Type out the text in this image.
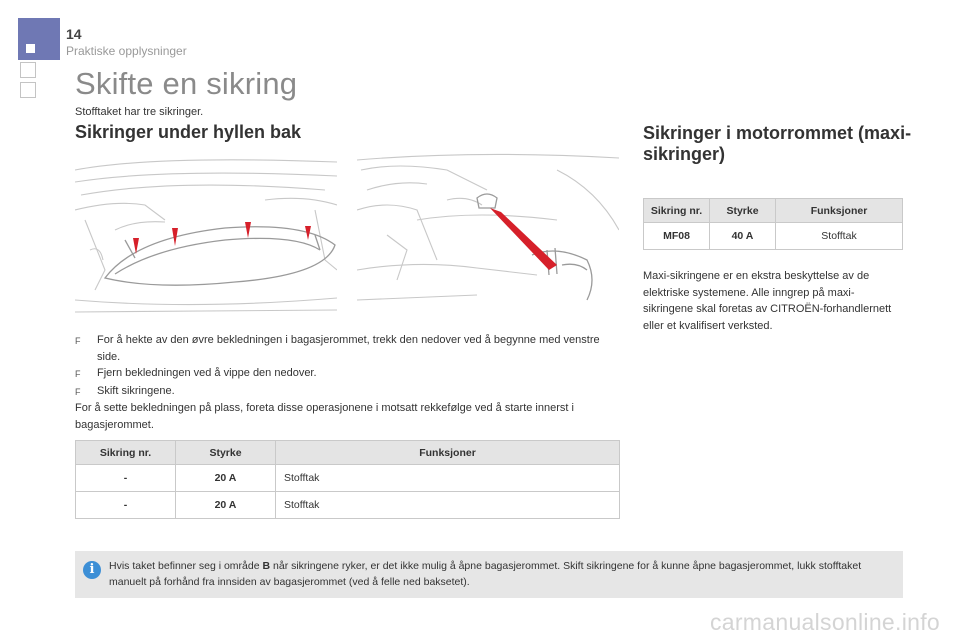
14
Praktiske opplysninger
Skifte en sikring

Stofftaket har tre sikringer.

Sikringer under hyllen bak	Sikringer i motorrommet (maxi-sikringer)
F	For å hekte av den øvre bekledningen i bagasjerommet, trekk den nedover ved å begynne med venstre side.
F	Fjern bekledningen ved å vippe den nedover.
F	Skift sikringene.
For å sette bekledningen på plass, foreta disse operasjonene i motsatt rekkefølge ved å starte innerst i bagasjerommet.
Sikring nr.	Styrke	Funksjoner
-	20 A	Stofftak
-	20 A	Stofftak
Sikring nr.	Styrke	Funksjoner
MF08	40 A	Stofftak

Maxi-sikringene er en ekstra beskyttelse av de elektriske systemene. Alle inngrep på maxi-sikringene skal foretas av CITROËN-forhandlernett eller et kvalifisert verksted.

i	Hvis taket befinner seg i område B når sikringene ryker, er det ikke mulig å åpne bagasjerommet. Skift sikringene for å kunne åpne bagasjerommet, lukk stofftaket manuelt på forhånd fra innsiden av bagasjerommet (ved å felle ned baksetet).
carmanualsonline.info
